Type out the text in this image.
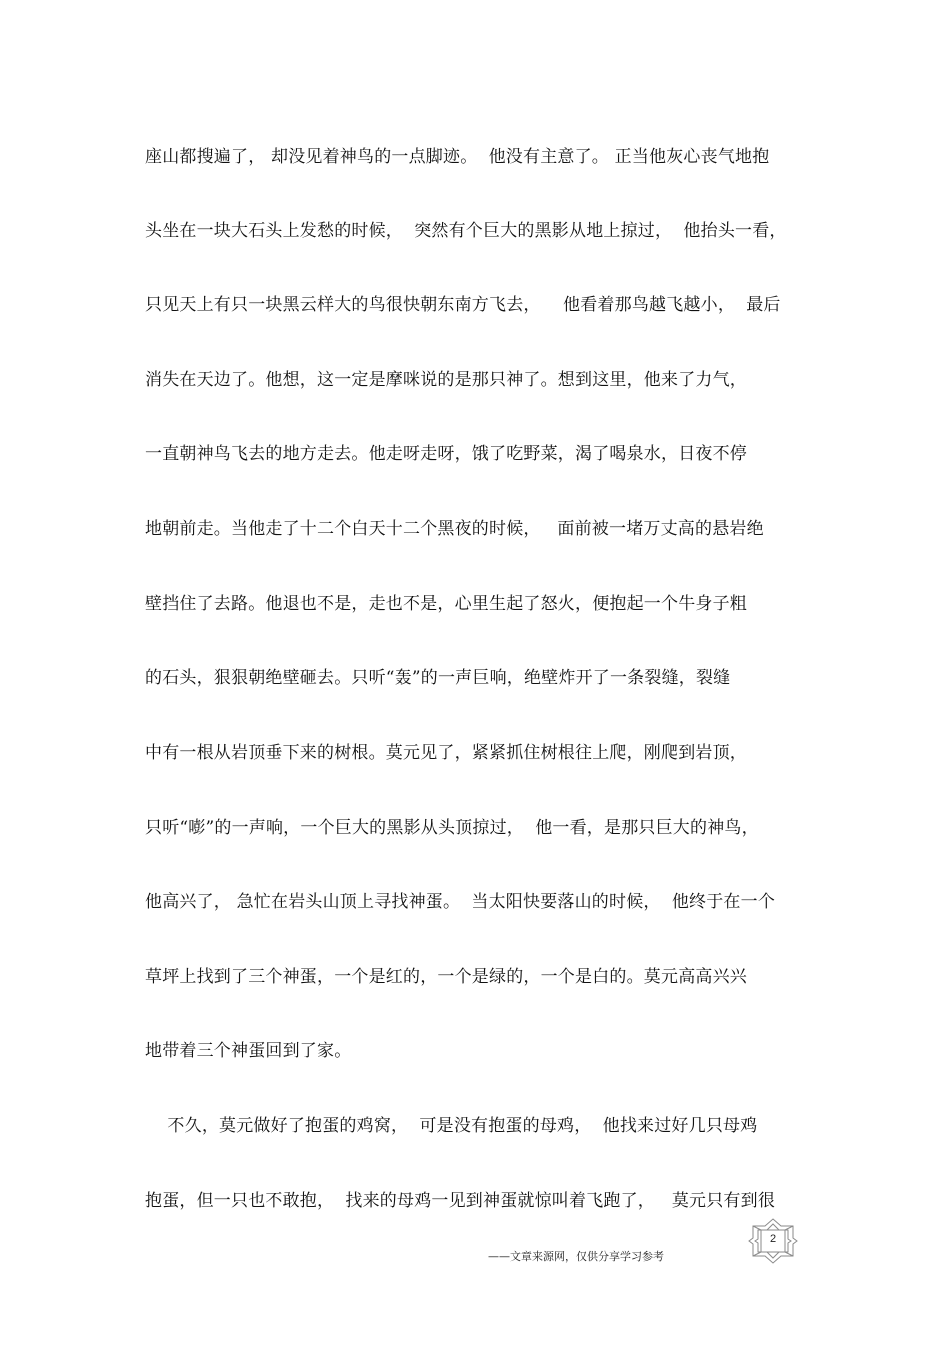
座山都搜遍了， 却没见着神鸟的一点脚迹。  他没有主意了。 正当他灰心丧气地抱
头坐在一块大石头上发愁的时候，  突然有个巨大的黑影从地上掠过，  他抬头一看，
只见天上有只一块黑云样大的鸟很快朝东南方飞去，    他看着那鸟越飞越小，  最后
消失在天边了。他想，这一定是摩咪说的是那只神了。想到这里，他来了力气，
一直朝神鸟飞去的地方走去。他走呀走呀，饿了吃野菜，渴了喝泉水，日夜不停
地朝前走。当他走了十二个白天十二个黑夜的时候，   面前被一堵万丈高的悬岩绝
壁挡住了去路。他退也不是，走也不是，心里生起了怒火，便抱起一个牛身子粗
的石头，狠狠朝绝壁砸去。只听“轰”的一声巨响，绝壁炸开了一条裂缝，裂缝
中有一根从岩顶垂下来的树根。莫元见了，紧紧抓住树根往上爬，刚爬到岩顶，
只听“嘭”的一声响，一个巨大的黑影从头顶掠过，  他一看，是那只巨大的神鸟，
他高兴了， 急忙在岩头山顶上寻找神蛋。  当太阳快要落山的时候，  他终于在一个
草坪上找到了三个神蛋，一个是红的，一个是绿的，一个是白的。莫元高高兴兴
地带着三个神蛋回到了家。
不久，莫元做好了抱蛋的鸡窝，  可是没有抱蛋的母鸡，  他找来过好几只母鸡
抱蛋，但一只也不敢抱，  找来的母鸡一见到神蛋就惊叫着飞跑了，   莫元只有到很
——文章来源网，仅供分享学习参考
2
